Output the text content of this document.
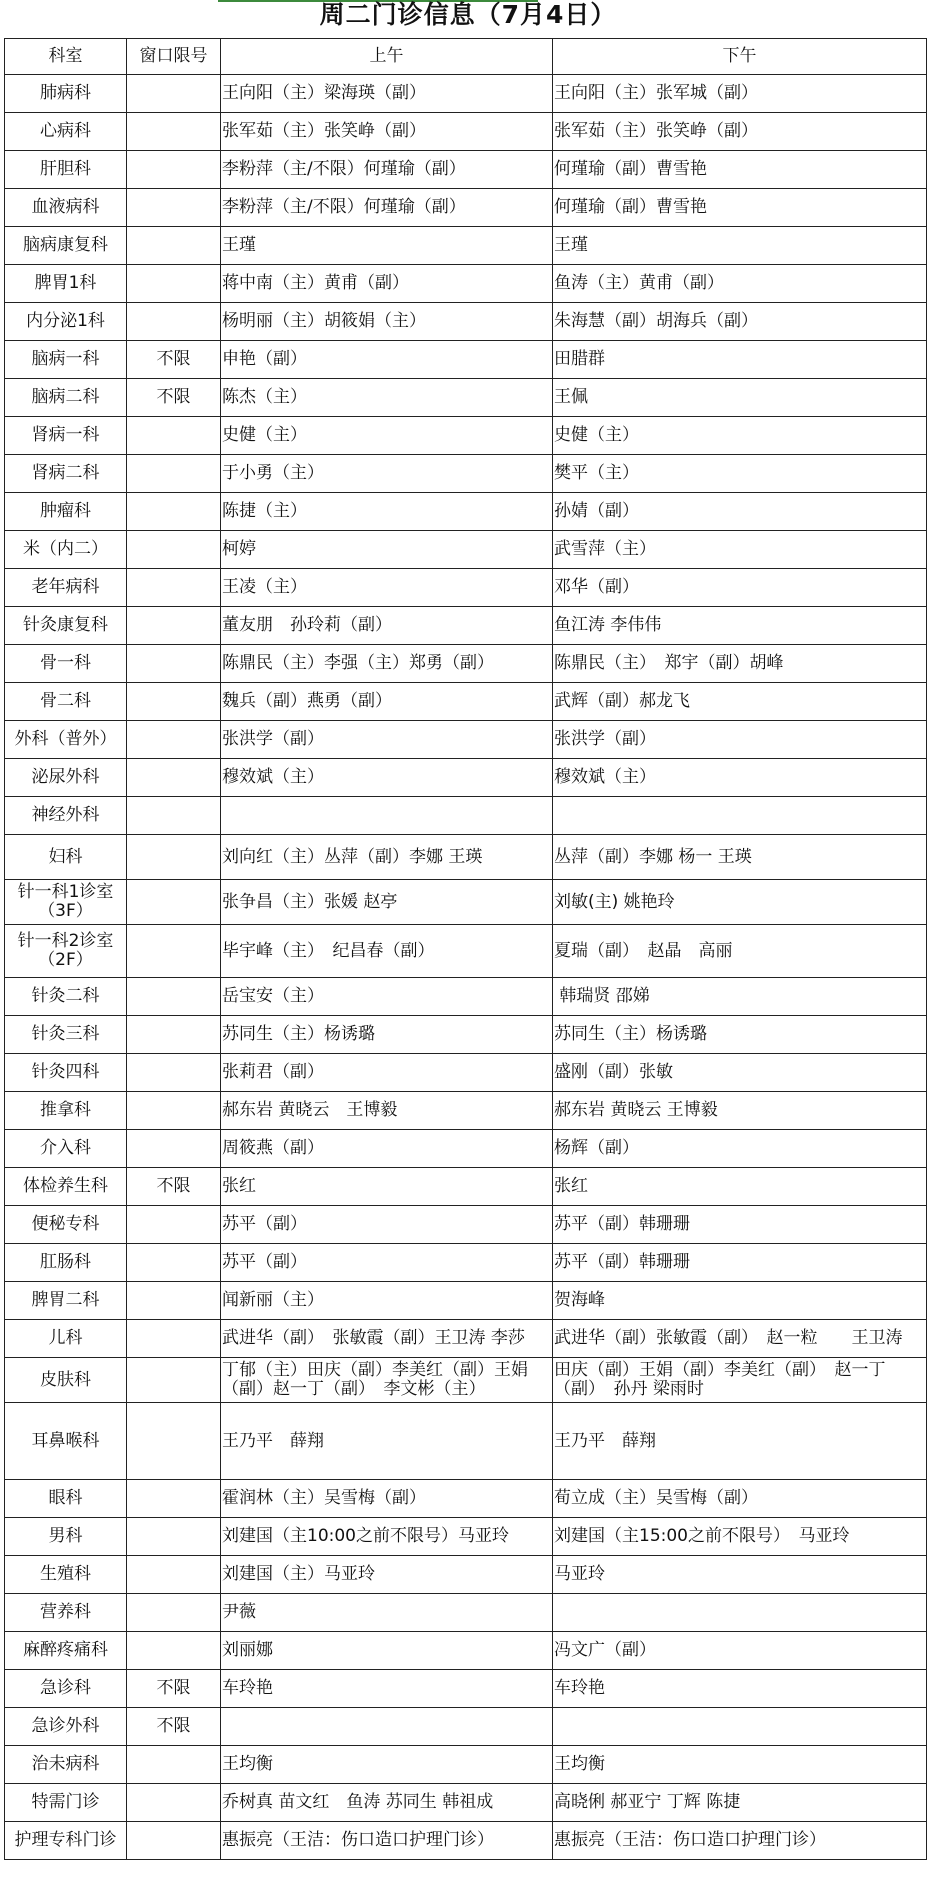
周二门诊信息（7月4日）
科室	窗口限号	上午	下午
肺病科		王向阳（主）梁海瑛（副）	王向阳（主）张军城（副）
心病科		张军茹（主）张笑峥（副）	张军茹（主）张笑峥（副）
肝胆科		李粉萍（主/不限）何瑾瑜（副）	何瑾瑜（副）曹雪艳
血液病科		李粉萍（主/不限）何瑾瑜（副）	何瑾瑜（副）曹雪艳
脑病康复科		王瑾	王瑾
脾胃1科		蒋中南（主）黄甫（副）	鱼涛（主）黄甫（副）
内分泌1科		杨明丽（主）胡筱娟（主）	朱海慧（副）胡海兵（副）
脑病一科	不限	申艳（副）	田腊群
脑病二科	不限	陈杰（主）	王佩
肾病一科		史健（主）	史健（主）
肾病二科		于小勇（主）	樊平（主）
肿瘤科		陈捷（主）	孙婧（副）
米（内二）		柯婷	武雪萍（主）
老年病科		王凌（主）	邓华（副）
针灸康复科		董友朋　孙玲莉（副）	鱼江涛 李伟伟
骨一科		陈鼎民（主）李强（主）郑勇（副）	陈鼎民（主）　郑宇（副）胡峰
骨二科		魏兵（副）燕勇（副）	武辉（副）郝龙飞
外科（普外）		张洪学（副）	张洪学（副）
泌尿外科		穆效斌（主）	穆效斌（主）
神经外科			
妇科		刘向红（主）丛萍（副）李娜 王瑛	丛萍（副）李娜 杨一 王瑛
针一科1诊室（3F）		张争昌（主）张媛 赵亭	刘敏(主) 姚艳玲
针一科2诊室（2F）		毕宇峰（主）　纪昌春（副）	夏瑞（副）　赵晶　高丽
针灸二科		岳宝安（主）	韩瑞贤 邵娣
针灸三科		苏同生（主）杨诱璐	苏同生（主）杨诱璐
针灸四科		张莉君（副）	盛刚（副）张敏
推拿科		郝东岩 黄晓云　王博毅	郝东岩 黄晓云 王博毅
介入科		周筱燕（副）	杨辉（副）
体检养生科	不限	张红	张红
便秘专科		苏平（副）	苏平（副）韩珊珊
肛肠科		苏平（副）	苏平（副）韩珊珊
脾胃二科		闻新丽（主）	贺海峰
儿科		武进华（副）　张敏霞（副）王卫涛 李莎	武进华（副）张敏霞（副）　赵一粒　　王卫涛
皮肤科		丁郁（主）田庆（副）李美红（副）王娟（副）赵一丁（副）　李文彬（主）	田庆（副）王娟（副）李美红（副）　赵一丁（副）　孙丹 梁雨时
耳鼻喉科		王乃平　薛翔	王乃平　薛翔
眼科		霍润林（主）吴雪梅（副）	荀立成（主）吴雪梅（副）
男科		刘建国（主10:00之前不限号）马亚玲	刘建国（主15:00之前不限号）　马亚玲
生殖科		刘建国（主）马亚玲	马亚玲
营养科		尹薇	
麻醉疼痛科		刘丽娜	冯文广（副）
急诊科	不限	车玲艳	车玲艳
急诊外科	不限		
治未病科		王均衡	王均衡
特需门诊		乔树真 苗文红　鱼涛 苏同生 韩祖成	高晓俐 郝亚宁 丁辉 陈捷
护理专科门诊		惠振亮（王洁：伤口造口护理门诊）	惠振亮（王洁：伤口造口护理门诊）
